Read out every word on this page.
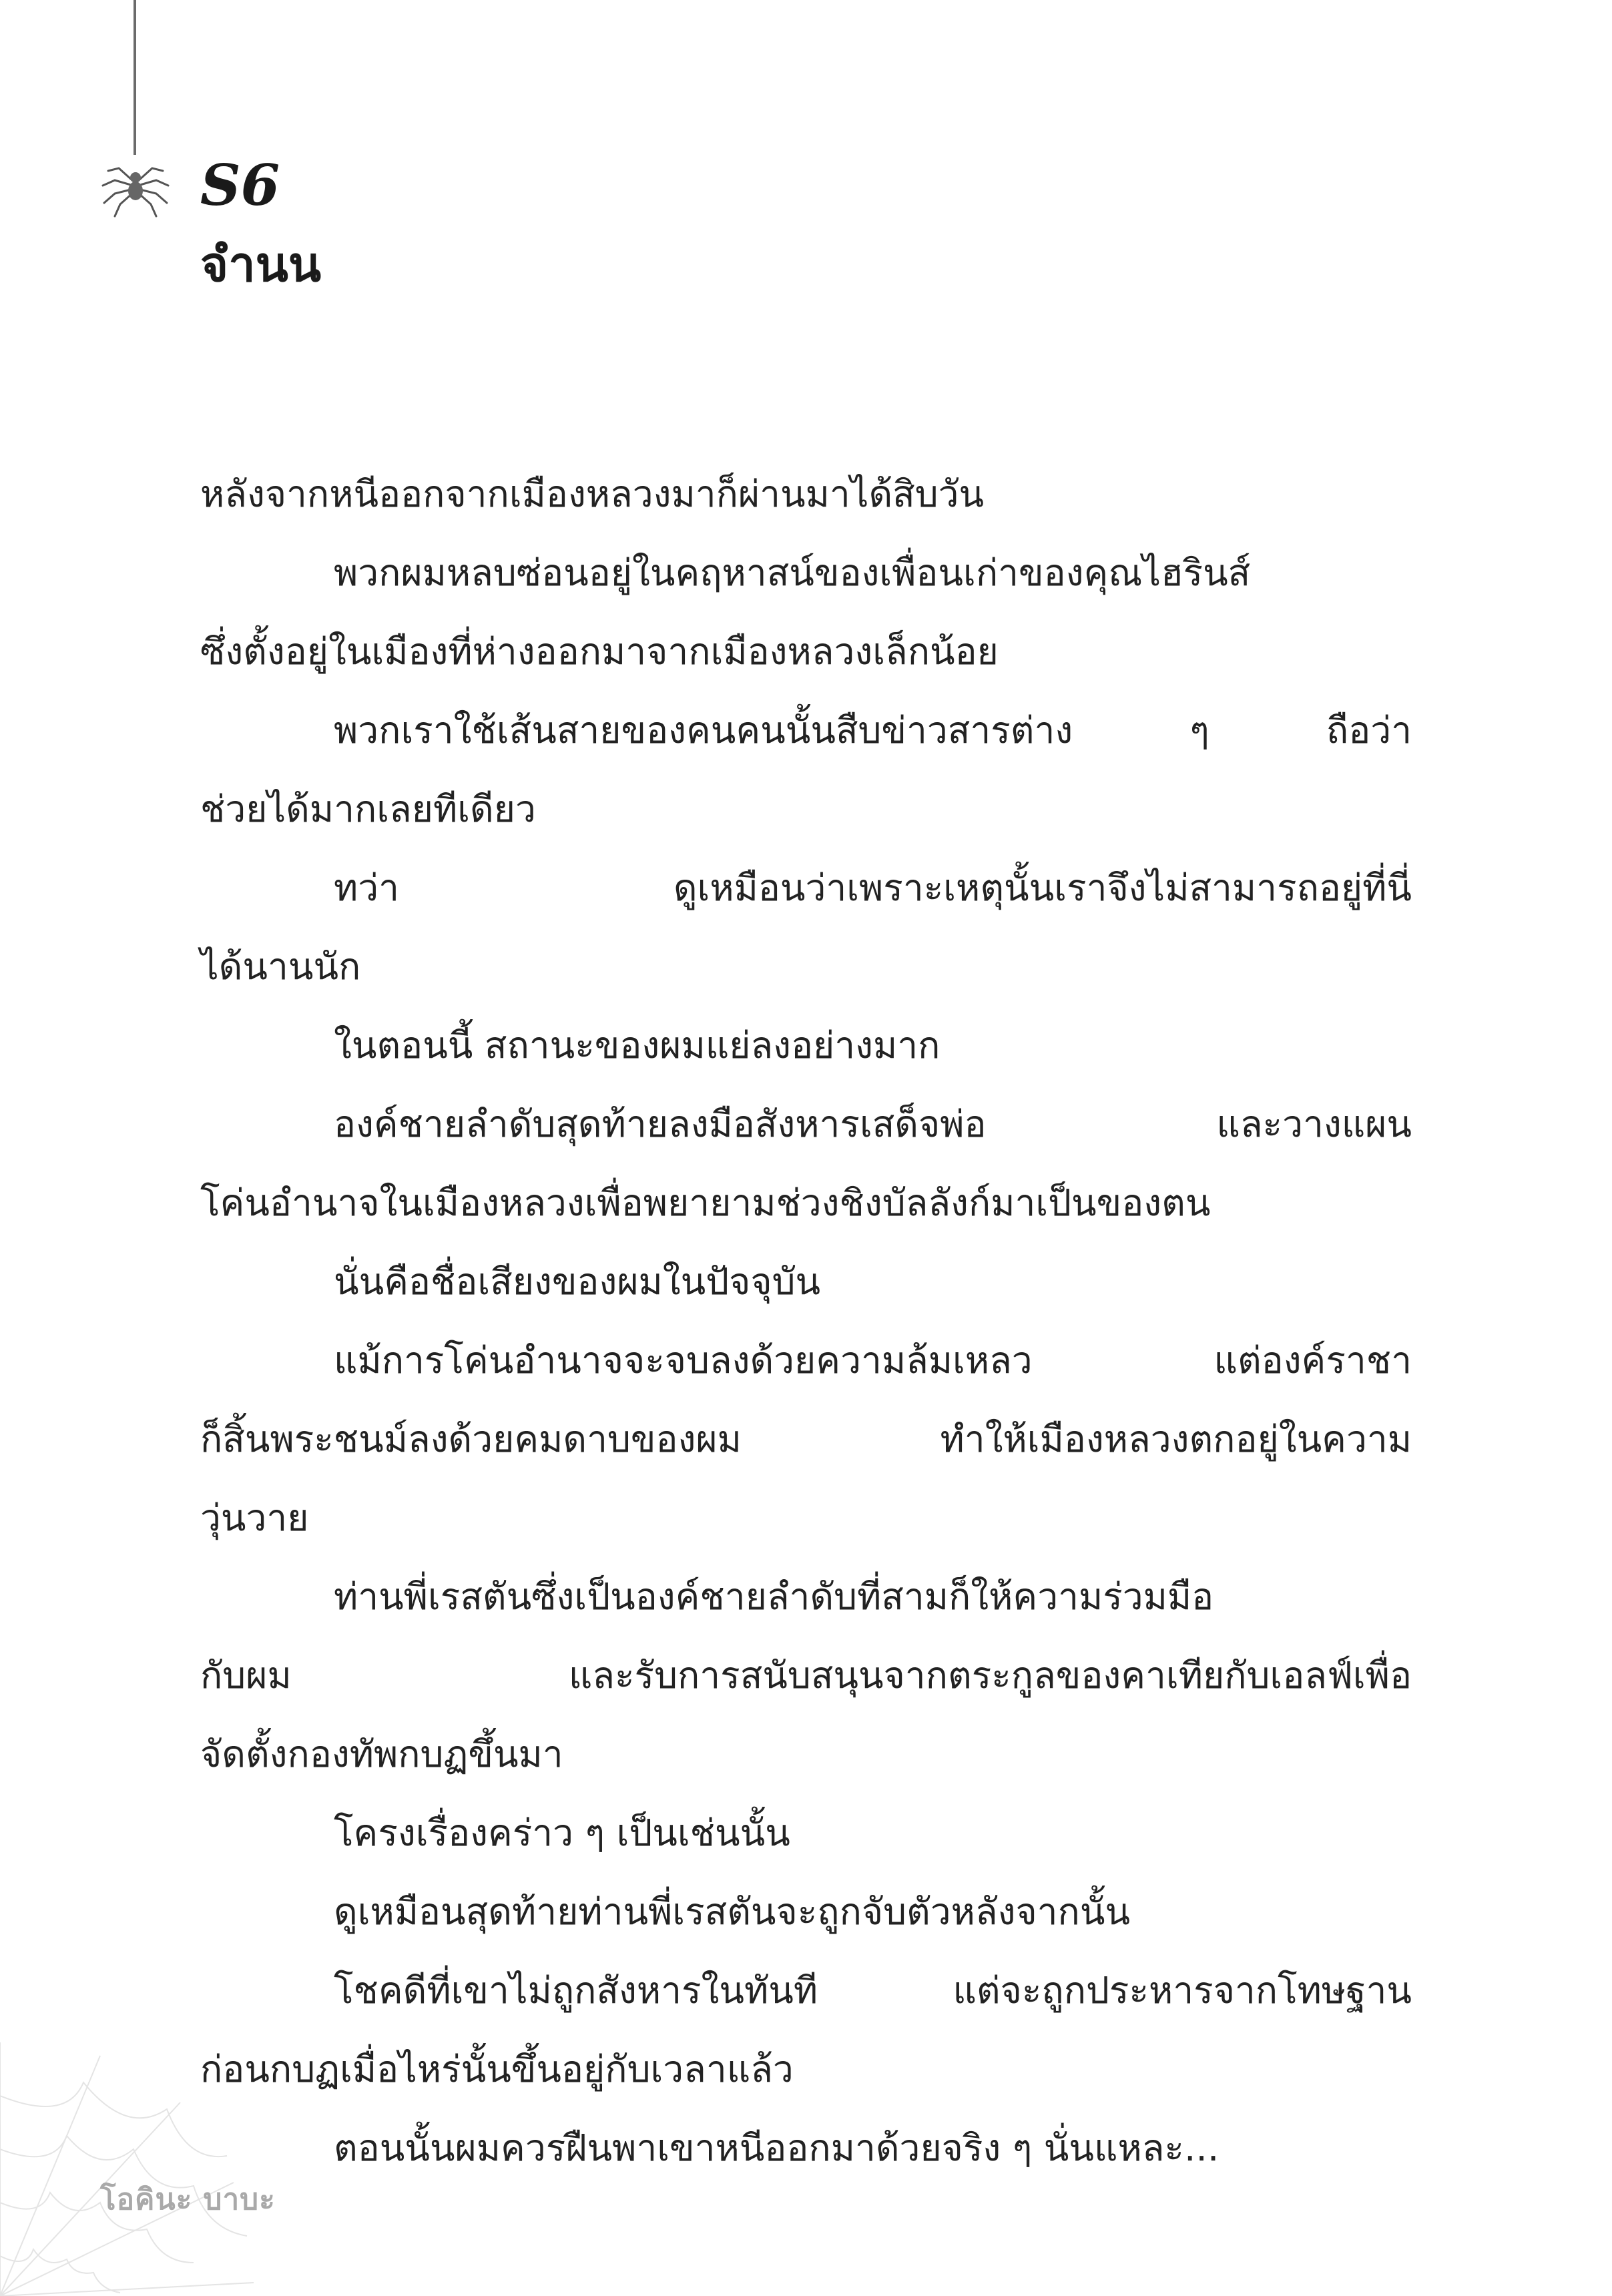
S6
จำนน
หลังจากหนีออกจากเมืองหลวงมาก็ผ่านมาได้สิบวัน
พวกผมหลบซ่อนอยู่ในคฤหาสน์ของเพื่อนเก่าของคุณไฮรินส์
ซึ่งตั้งอยู่ในเมืองที่ห่างออกมาจากเมืองหลวงเล็กน้อย
พวกเราใช้เส้นสายของคนคนนั้นสืบข่าวสารต่าง ๆ ถือว่า
ช่วยได้มากเลยทีเดียว
ทว่า ดูเหมือนว่าเพราะเหตุนั้นเราจึงไม่สามารถอยู่ที่นี่
ได้นานนัก
ในตอนนี้ สถานะของผมแย่ลงอย่างมาก
องค์ชายลำดับสุดท้ายลงมือสังหารเสด็จพ่อ และวางแผน
โค่นอำนาจในเมืองหลวงเพื่อพยายามช่วงชิงบัลลังก์มาเป็นของตน
นั่นคือชื่อเสียงของผมในปัจจุบัน
แม้การโค่นอำนาจจะจบลงด้วยความล้มเหลว แต่องค์ราชา
ก็สิ้นพระชนม์ลงด้วยคมดาบของผม ทำให้เมืองหลวงตกอยู่ในความ
วุ่นวาย
ท่านพี่เรสตันซึ่งเป็นองค์ชายลำดับที่สามก็ให้ความร่วมมือ
กับผม และรับการสนับสนุนจากตระกูลของคาเทียกับเอลฟ์เพื่อ
จัดตั้งกองทัพกบฏขึ้นมา
โครงเรื่องคร่าว ๆ เป็นเช่นนั้น
ดูเหมือนสุดท้ายท่านพี่เรสตันจะถูกจับตัวหลังจากนั้น
โชคดีที่เขาไม่ถูกสังหารในทันที แต่จะถูกประหารจากโทษฐาน
ก่อนกบฏเมื่อไหร่นั้นขึ้นอยู่กับเวลาแล้ว
ตอนนั้นผมควรฝืนพาเขาหนีออกมาด้วยจริง ๆ นั่นแหละ...
โอคินะ บาบะ
